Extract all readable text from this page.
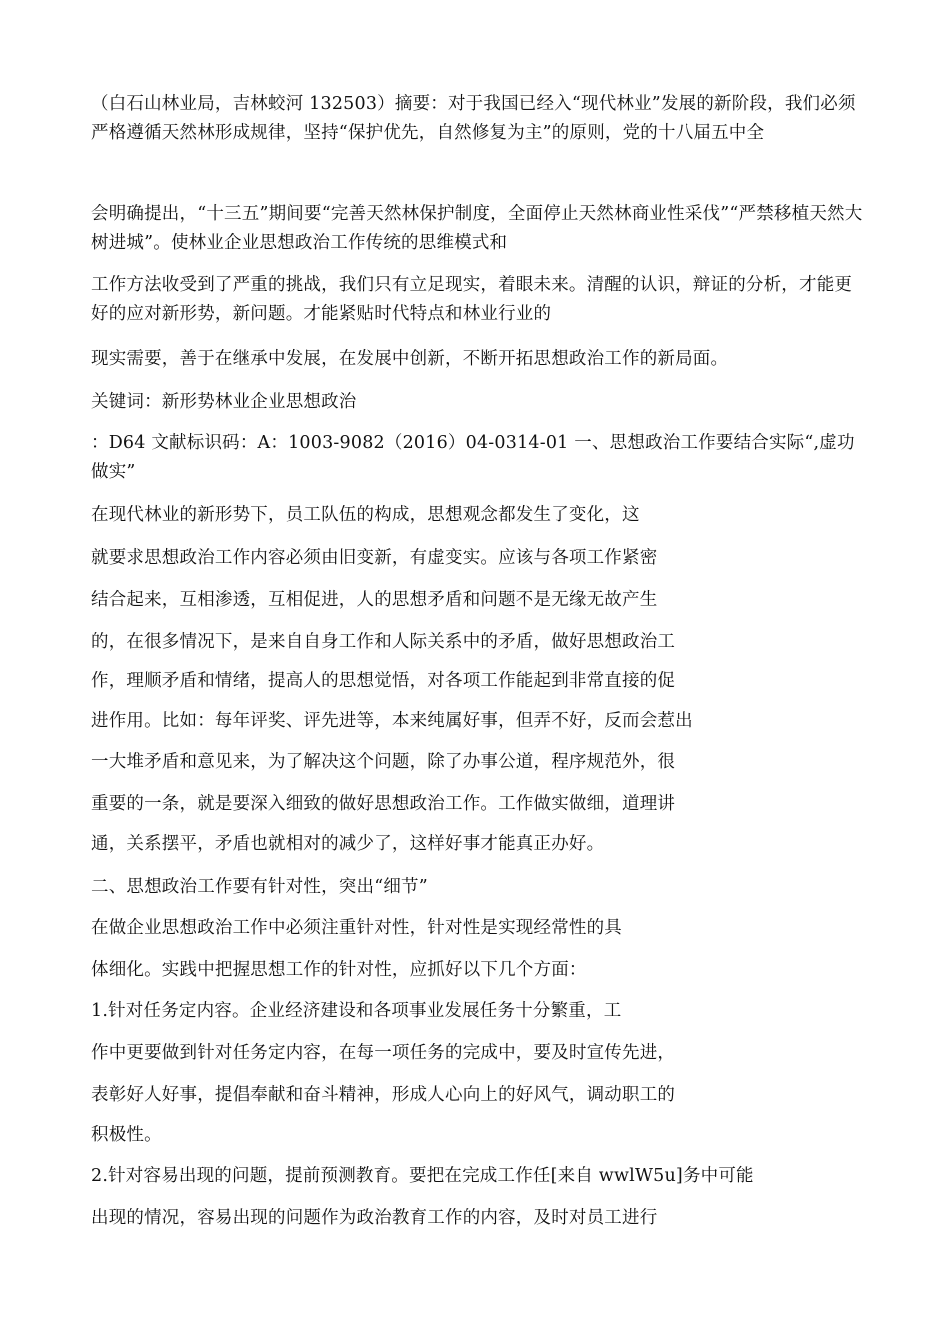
（白石山林业局，吉林蛟河 132503）摘要：对于我国已经入“现代林业”发展的新阶段，我们必须严格遵循天然林形成规律，坚持“保护优先，自然修复为主”的原则，党的十八届五中全
会明确提出，“十三五”期间要“完善天然林保护制度，全面停止天然林商业性采伐”“严禁移植天然大树进城”。使林业企业思想政治工作传统的思维模式和
工作方法收受到了严重的挑战，我们只有立足现实，着眼未来。清醒的认识，辩证的分析，才能更好的应对新形势，新问题。才能紧贴时代特点和林业行业的
现实需要，善于在继承中发展，在发展中创新，不断开拓思想政治工作的新局面。
关键词：新形势林业企业思想政治
：D64 文献标识码：A：1003-9082（2016）04-0314-01 一、思想政治工作要结合实际“,虚功做实”
在现代林业的新形势下，员工队伍的构成，思想观念都发生了变化，这
就要求思想政治工作内容必须由旧变新，有虚变实。应该与各项工作紧密
结合起来，互相渗透，互相促进，人的思想矛盾和问题不是无缘无故产生
的，在很多情况下，是来自自身工作和人际关系中的矛盾，做好思想政治工
作，理顺矛盾和情绪，提高人的思想觉悟，对各项工作能起到非常直接的促
进作用。比如：每年评奖、评先进等，本来纯属好事，但弄不好，反而会惹出
一大堆矛盾和意见来，为了解决这个问题，除了办事公道，程序规范外，很
重要的一条，就是要深入细致的做好思想政治工作。工作做实做细，道理讲
通，关系摆平，矛盾也就相对的减少了，这样好事才能真正办好。
二、思想政治工作要有针对性，突出“细节”
在做企业思想政治工作中必须注重针对性，针对性是实现经常性的具
体细化。实践中把握思想工作的针对性，应抓好以下几个方面：
1.针对任务定内容。企业经济建设和各项事业发展任务十分繁重，工
作中更要做到针对任务定内容，在每一项任务的完成中，要及时宣传先进，
表彰好人好事，提倡奉献和奋斗精神，形成人心向上的好风气，调动职工的
积极性。
2.针对容易出现的问题，提前预测教育。要把在完成工作任[来自 wwlW5u]务中可能
出现的情况，容易出现的问题作为政治教育工作的内容，及时对员工进行
